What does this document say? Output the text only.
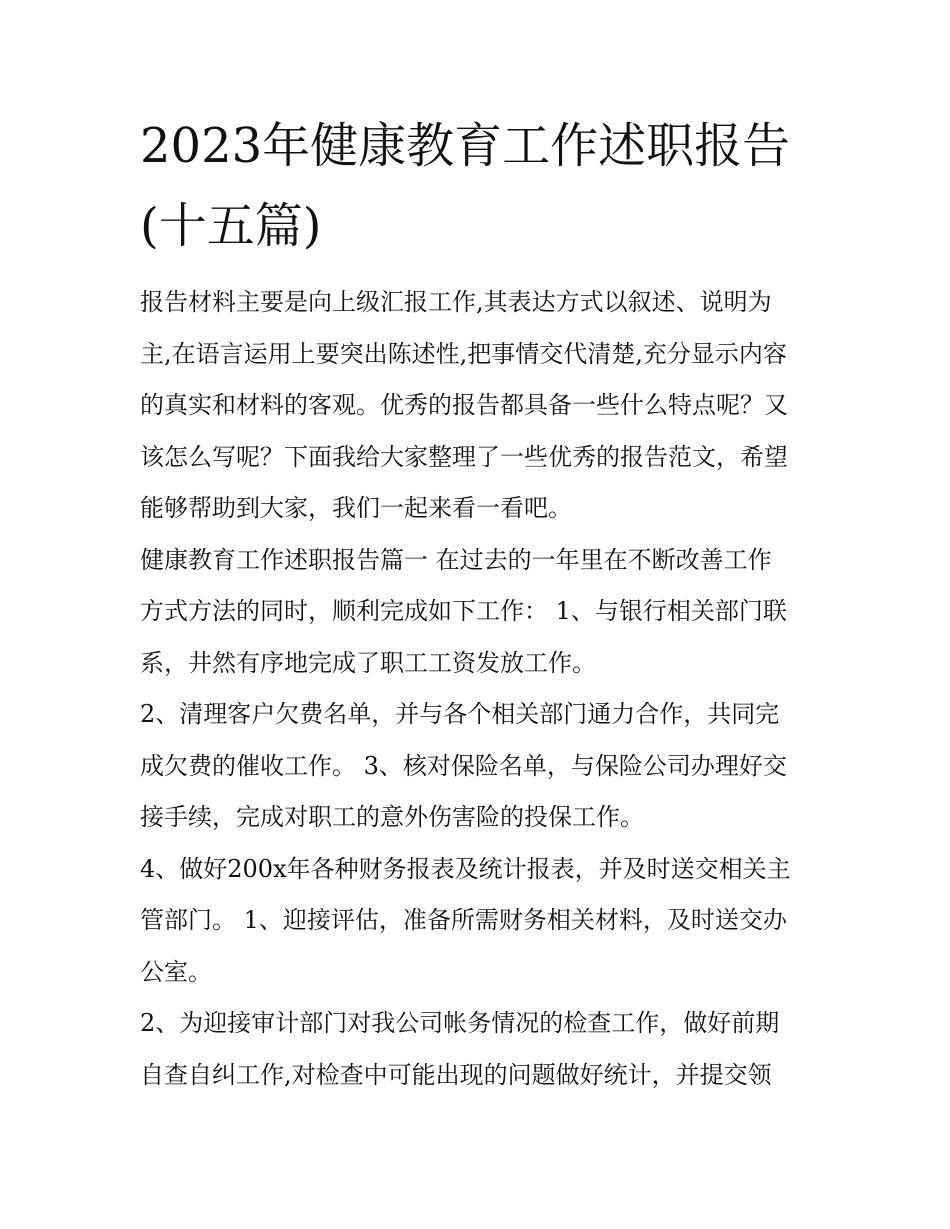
2023年健康教育工作述职报告
(十五篇)
报告材料主要是向上级汇报工作,其表达方式以叙述、说明为
主,在语言运用上要突出陈述性,把事情交代清楚,充分显示内容
的真实和材料的客观。优秀的报告都具备一些什么特点呢？又
该怎么写呢？下面我给大家整理了一些优秀的报告范文，希望
能够帮助到大家，我们一起来看一看吧。
健康教育工作述职报告篇一 在过去的一年里在不断改善工作
方式方法的同时，顺利完成如下工作： 1、与银行相关部门联
系，井然有序地完成了职工工资发放工作。
2、清理客户欠费名单，并与各个相关部门通力合作，共同完
成欠费的催收工作。 3、核对保险名单，与保险公司办理好交
接手续，完成对职工的意外伤害险的投保工作。
4、做好200x年各种财务报表及统计报表，并及时送交相关主
管部门。 1、迎接评估，准备所需财务相关材料，及时送交办
公室。
2、为迎接审计部门对我公司帐务情况的检查工作，做好前期
自查自纠工作,对检查中可能出现的问题做好统计，并提交领
